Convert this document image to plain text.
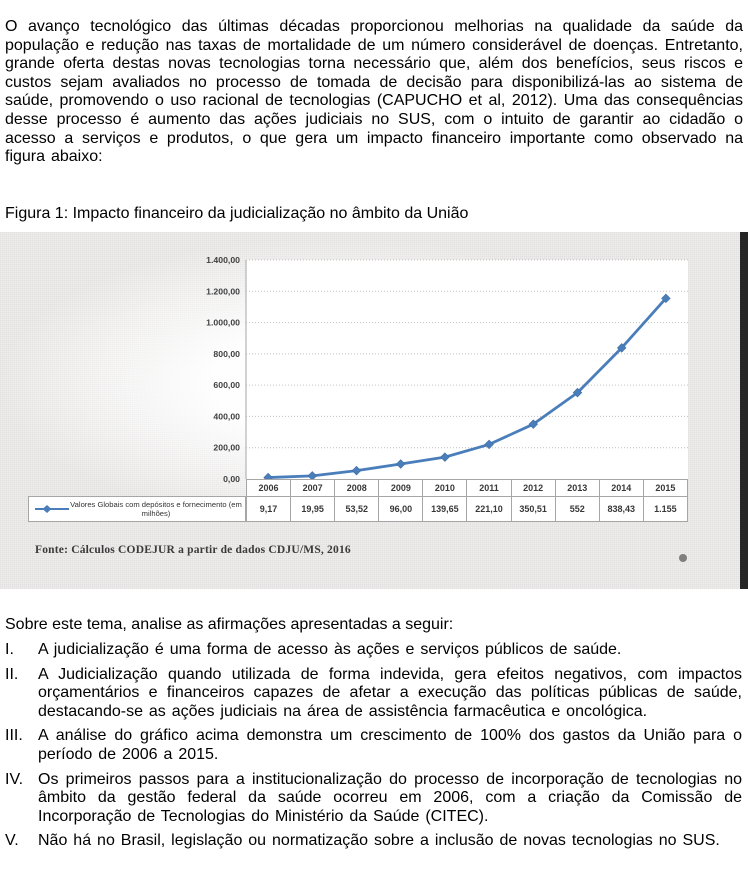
O avanço tecnológico das últimas décadas proporcionou melhorias na qualidade da saúde da população e redução nas taxas de mortalidade de um número considerável de doenças. Entretanto, grande oferta destas novas tecnologias torna necessário que, além dos benefícios, seus riscos e custos sejam avaliados no processo de tomada de decisão para disponibilizá-las ao sistema de saúde, promovendo o uso racional de tecnologias (CAPUCHO et al, 2012). Uma das consequências desse processo é aumento das ações judiciais no SUS, com o intuito de garantir ao cidadão o acesso a serviços e produtos, o que gera um impacto financeiro importante como observado na figura abaixo:

Figura 1: Impacto financeiro da judicialização no âmbito da União

1.400,00
1.200,00
1.000,00
800,00
600,00
400,00
200,00
0,00
2006	2007	2008	2009	2010	2011	2012	2013	2014	2015
9,17	19,95	53,52	96,00	139,65	221,10	350,51	552	838,43	1.155
Valores Globais com depósitos e fornecimento (em milhões)
Fonte: Cálculos CODEJUR a partir de dados CDJU/MS, 2016

Sobre este tema, analise as afirmações apresentadas a seguir:

I.	A judicialização é uma forma de acesso às ações e serviços públicos de saúde.
II.	A Judicialização quando utilizada de forma indevida, gera efeitos negativos, com impactos orçamentários e financeiros capazes de afetar a execução das políticas públicas de saúde, destacando-se as ações judiciais na área de assistência farmacêutica e oncológica.
III. A análise do gráfico acima demonstra um crescimento de 100% dos gastos da União para o período de 2006 a 2015.
IV. Os primeiros passos para a institucionalização do processo de incorporação de tecnologias no âmbito da gestão federal da saúde ocorreu em 2006, com a criação da Comissão de Incorporação de Tecnologias do Ministério da Saúde (CITEC).
V.	Não há no Brasil, legislação ou normatização sobre a inclusão de novas tecnologias no SUS.
